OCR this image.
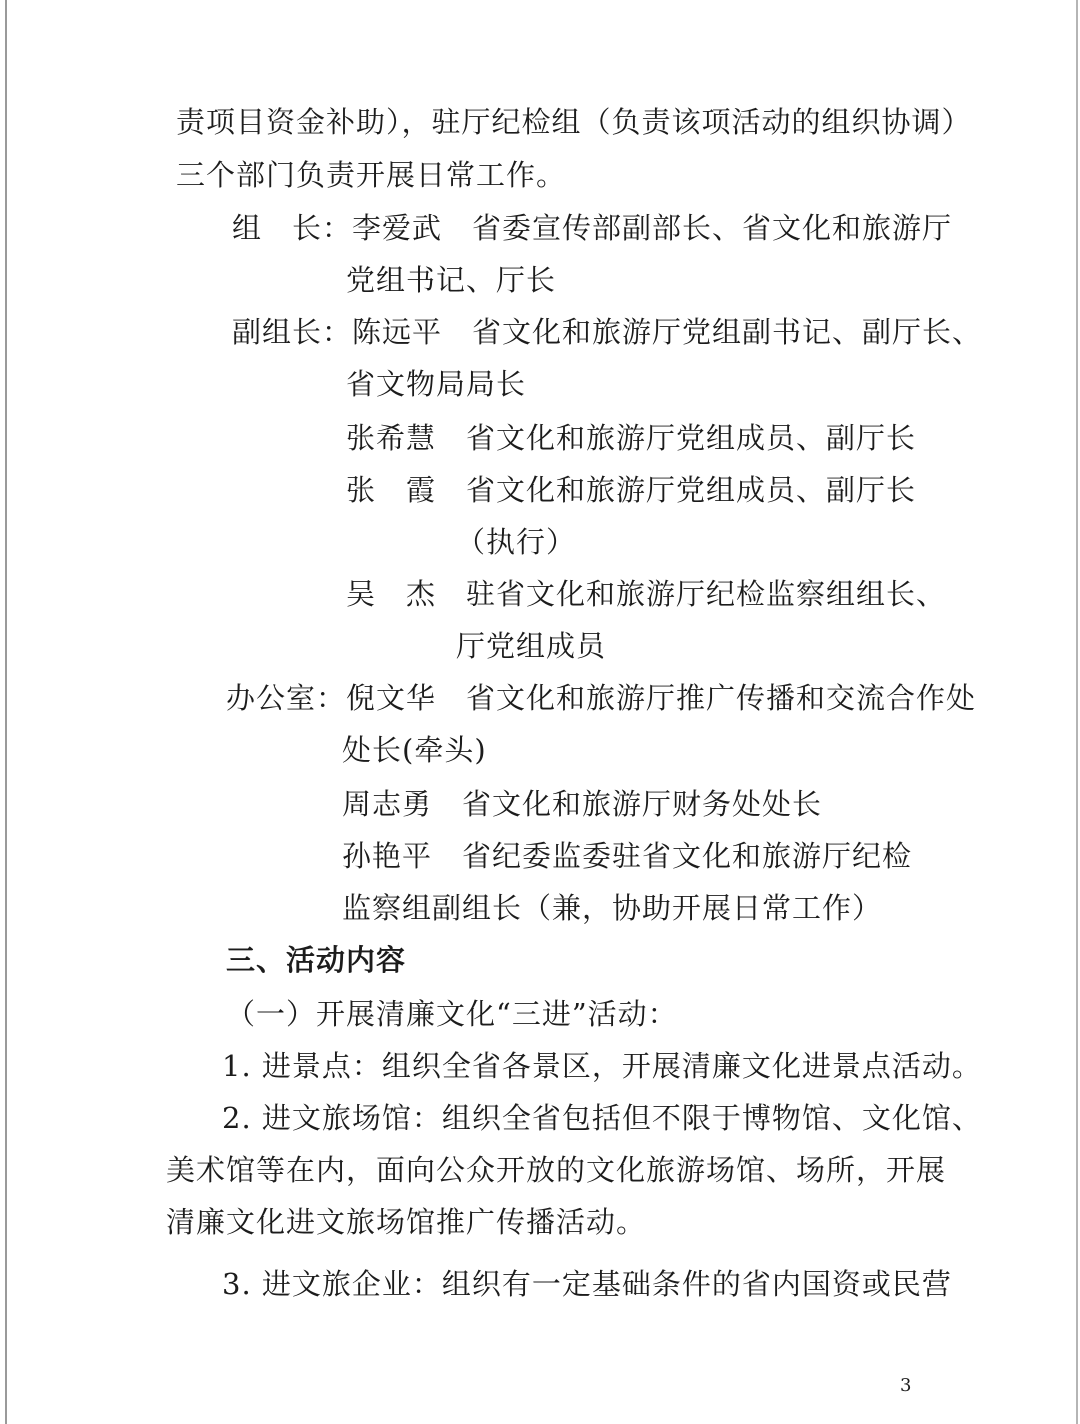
责项目资金补助），驻厅纪检组（负责该项活动的组织协调）
三个部门负责开展日常工作。
组　长：李爱武　省委宣传部副部长、省文化和旅游厅
党组书记、厅长
副组长：陈远平　省文化和旅游厅党组副书记、副厅长、
省文物局局长
张希慧　省文化和旅游厅党组成员、副厅长
张　霞　省文化和旅游厅党组成员、副厅长
（执行）
吴　杰　驻省文化和旅游厅纪检监察组组长、
厅党组成员
办公室：倪文华　省文化和旅游厅推广传播和交流合作处
处长(牵头)
周志勇　省文化和旅游厅财务处处长
孙艳平　省纪委监委驻省文化和旅游厅纪检
监察组副组长（兼，协助开展日常工作）
三、活动内容
（一）开展清廉文化“三进”活动：
1. 进景点：组织全省各景区，开展清廉文化进景点活动。
2. 进文旅场馆：组织全省包括但不限于博物馆、文化馆、
美术馆等在内，面向公众开放的文化旅游场馆、场所，开展
清廉文化进文旅场馆推广传播活动。
3. 进文旅企业：组织有一定基础条件的省内国资或民营
3
